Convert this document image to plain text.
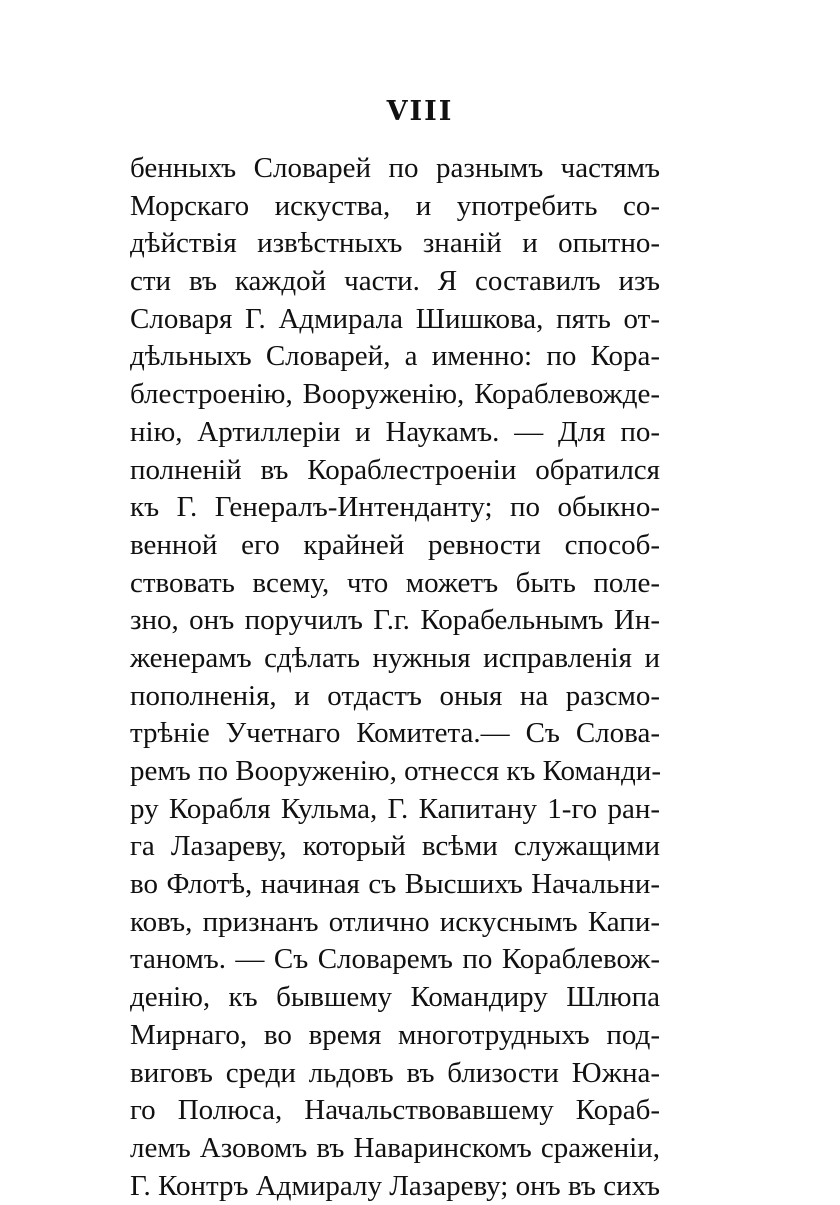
VIII
бенныхъ Словарей по разнымъ частямъ
Морскаго искуства, и употребить со-
дѣйствія извѣстныхъ знаній и опытно-
сти въ каждой части. Я составилъ изъ
Словаря Г. Адмирала Шишкова, пять от-
дѣльныхъ Словарей, а именно: по Кора-
блестроенію, Вооруженію, Кораблевожде-
нію, Артиллеріи и Наукамъ. — Для по-
полненій въ Кораблестроеніи обратился
къ Г. Генералъ-Интенданту; по обыкно-
венной его крайней ревности способ-
ствовать всему, что можетъ быть поле-
зно, онъ поручилъ Г.г. Корабельнымъ Ин-
женерамъ сдѣлать нужныя исправленія и
пополненія, и отдастъ оныя на разсмо-
трѣніе Учетнаго Комитета.— Съ Слова-
ремъ по Вооруженію, отнесся къ Команди-
ру Корабля Кульма, Г. Капитану 1-го ран-
га Лазареву, который всѣми служащими
во Флотѣ, начиная съ Высшихъ Начальни-
ковъ, признанъ отлично искуснымъ Капи-
таномъ. — Съ Словаремъ по Кораблевож-
денію, къ бывшему Командиру Шлюпа
Мирнаго, во время многотрудныхъ под-
виговъ среди льдовъ въ близости Южна-
го Полюса, Начальствовавшему Кораб-
лемъ Азовомъ въ Наваринскомъ сраженіи,
Г. Контръ Адмиралу Лазареву; онъ въ сихъ
